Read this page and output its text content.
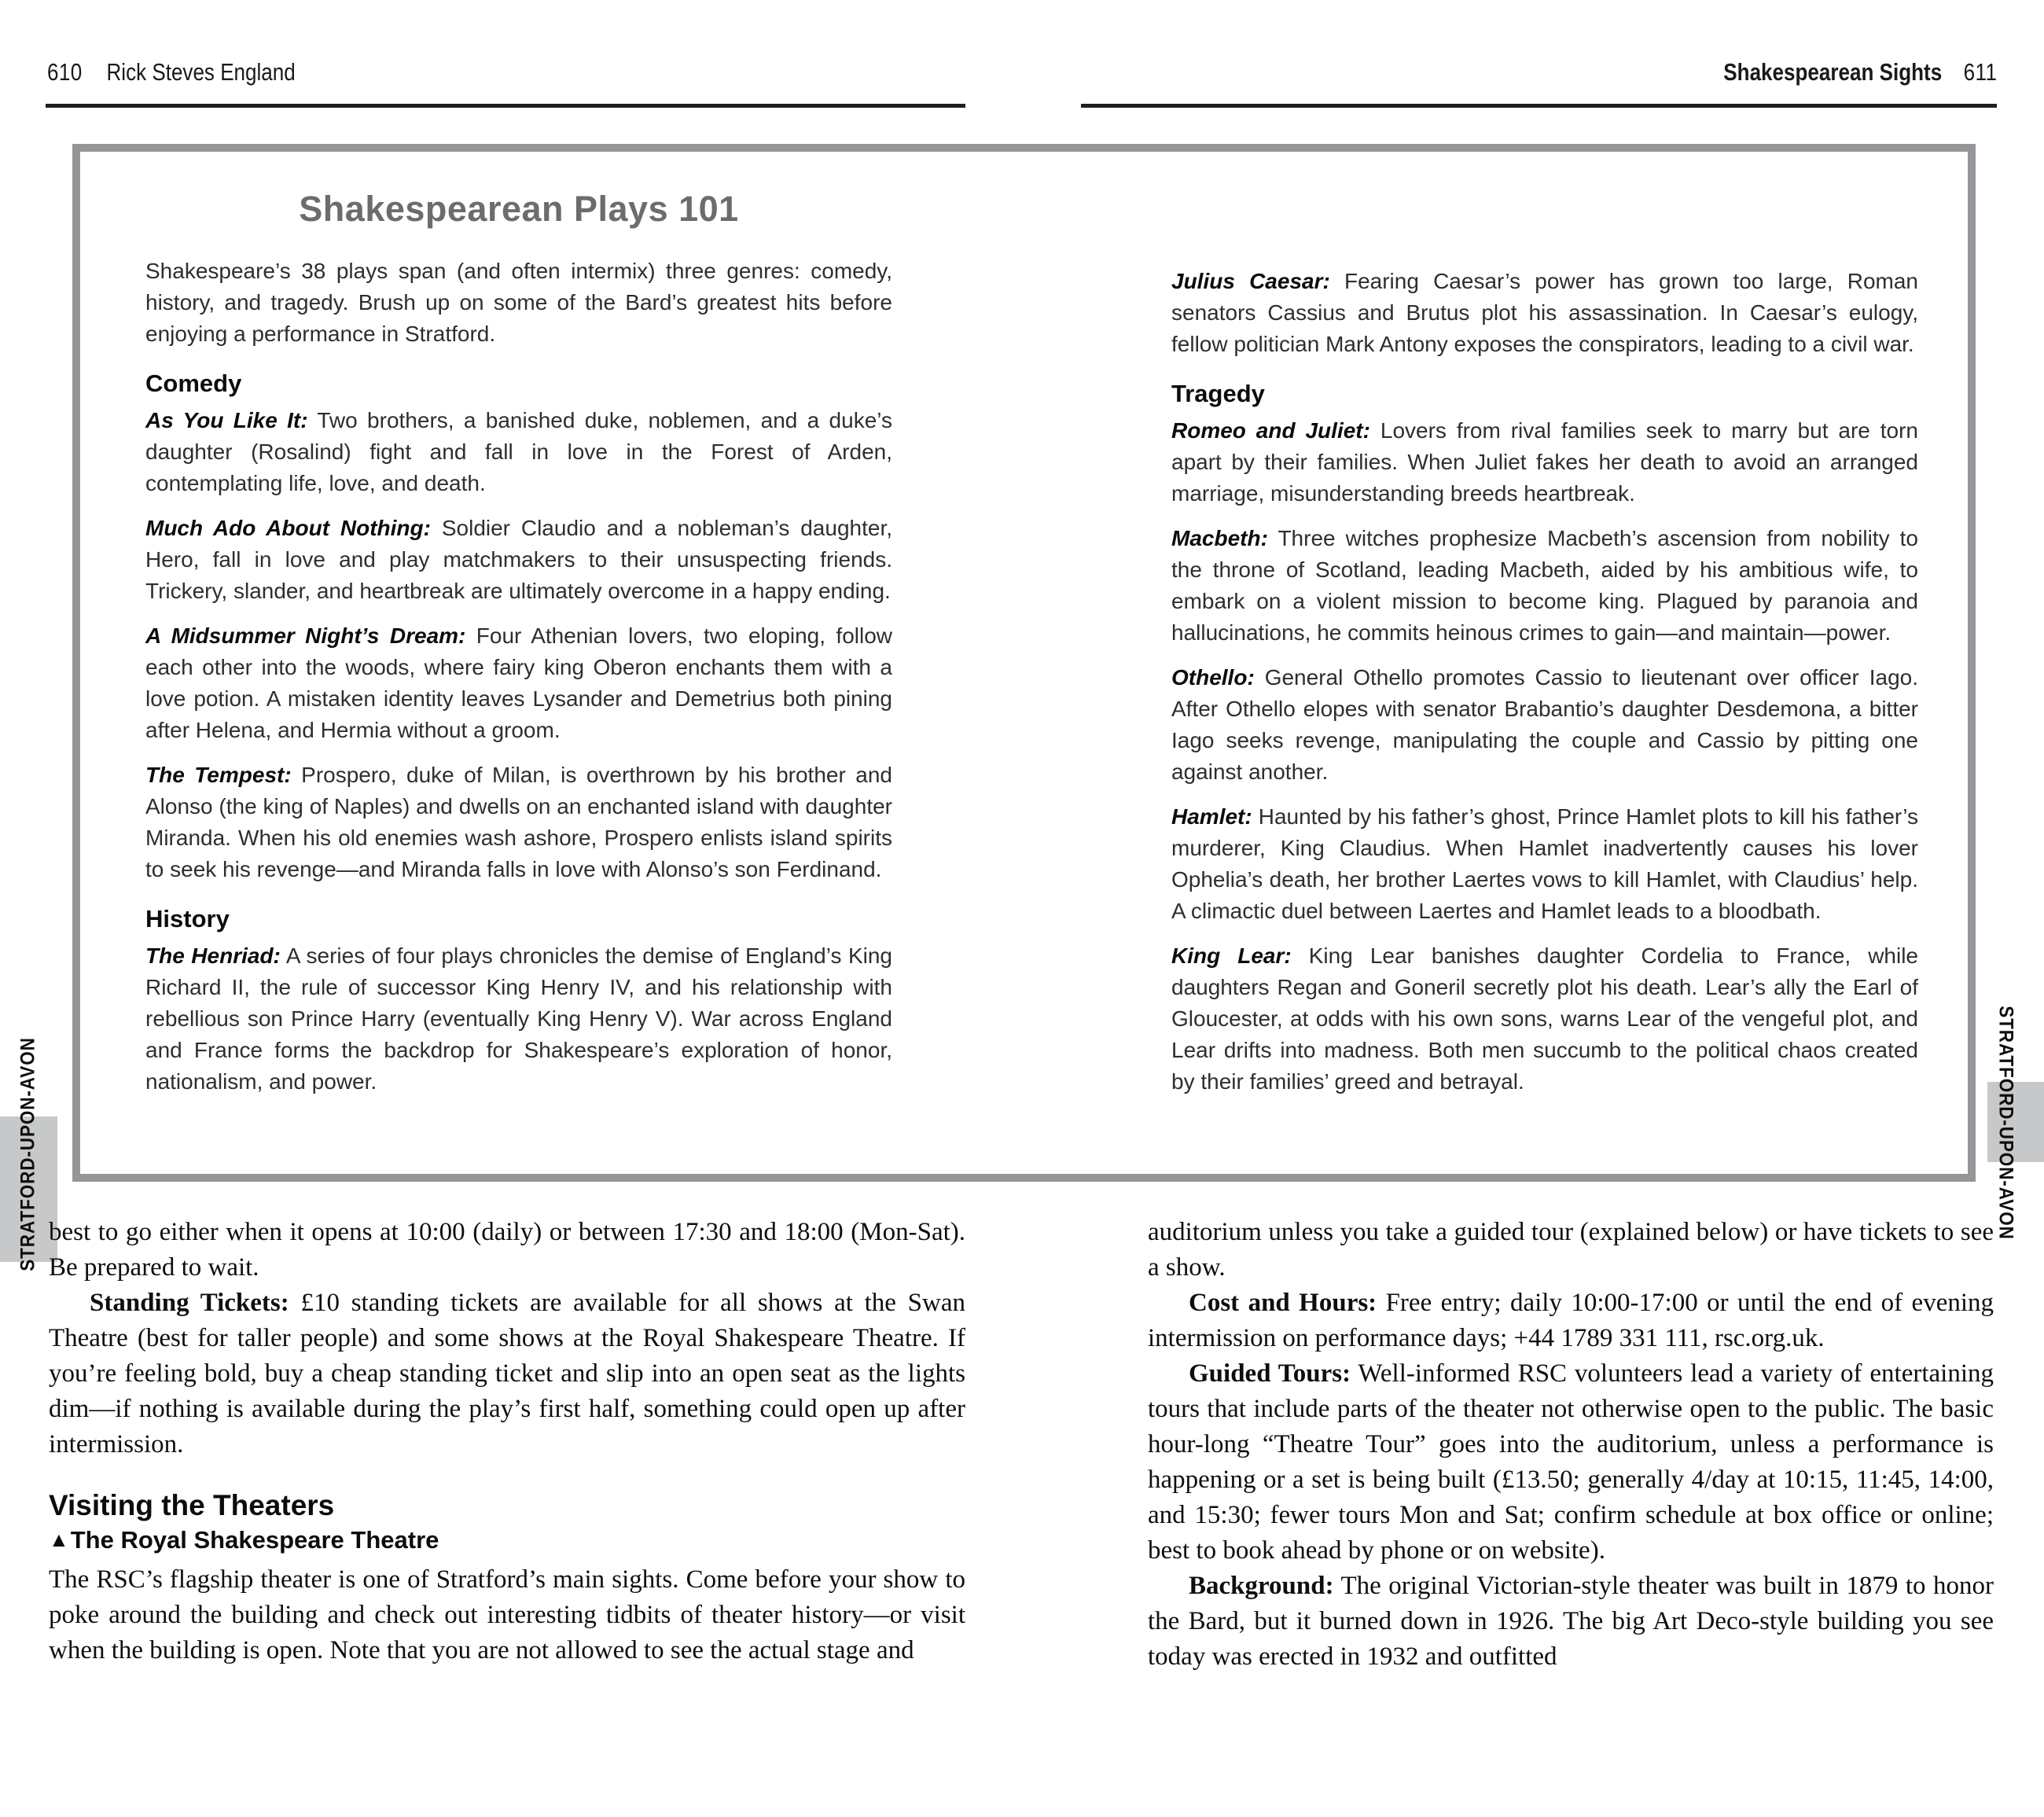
610 Rick Steves England	Shakespearean Sights 611
STRATFORD-UPON-AVON	STRATFORD-UPON-AVON
Shakespearean Plays 101

Shakespeare’s 38 plays span (and often intermix) three genres: comedy, history, and tragedy. Brush up on some of the Bard’s greatest hits before enjoying a performance in Stratford.

Comedy

As You Like It: Two brothers, a banished duke, noblemen, and a duke’s daughter (Rosalind) fight and fall in love in the Forest of Arden, contemplating life, love, and death.

Much Ado About Nothing: Soldier Claudio and a nobleman’s daughter, Hero, fall in love and play matchmakers to their unsuspecting friends. Trickery, slander, and heartbreak are ultimately overcome in a happy ending.

A Midsummer Night’s Dream: Four Athenian lovers, two eloping, follow each other into the woods, where fairy king Oberon enchants them with a love potion. A mistaken identity leaves Lysander and Demetrius both pining after Helena, and Hermia without a groom.

The Tempest: Prospero, duke of Milan, is overthrown by his brother and Alonso (the king of Naples) and dwells on an enchanted island with daughter Miranda. When his old enemies wash ashore, Prospero enlists island spirits to seek his revenge—and Miranda falls in love with Alonso’s son Ferdinand.

History

The Henriad: A series of four plays chronicles the demise of England’s King Richard II, the rule of successor King Henry IV, and his relationship with rebellious son Prince Harry (eventually King Henry V). War across England and France forms the backdrop for Shakespeare’s exploration of honor, nationalism, and power.

Julius Caesar: Fearing Caesar’s power has grown too large, Roman senators Cassius and Brutus plot his assassination. In Caesar’s eulogy, fellow politician Mark Antony exposes the conspirators, leading to a civil war.

Tragedy

Romeo and Juliet: Lovers from rival families seek to marry but are torn apart by their families. When Juliet fakes her death to avoid an arranged marriage, misunderstanding breeds heartbreak.

Macbeth: Three witches prophesize Macbeth’s ascension from nobility to the throne of Scotland, leading Macbeth, aided by his ambitious wife, to embark on a violent mission to become king. Plagued by paranoia and hallucinations, he commits heinous crimes to gain—and maintain—power.

Othello: General Othello promotes Cassio to lieutenant over officer Iago. After Othello elopes with senator Brabantio’s daughter Desdemona, a bitter Iago seeks revenge, manipulating the couple and Cassio by pitting one against another.

Hamlet: Haunted by his father’s ghost, Prince Hamlet plots to kill his father’s murderer, King Claudius. When Hamlet inadvertently causes his lover Ophelia’s death, her brother Laertes vows to kill Hamlet, with Claudius’ help. A climactic duel between Laertes and Hamlet leads to a bloodbath.

King Lear: King Lear banishes daughter Cordelia to France, while daughters Regan and Goneril secretly plot his death. Lear’s ally the Earl of Gloucester, at odds with his own sons, warns Lear of the vengeful plot, and Lear drifts into madness. Both men succumb to the political chaos created by their families’ greed and betrayal.

best to go either when it opens at 10:00 (daily) or between 17:30 and 18:00 (Mon-Sat). Be prepared to wait.

Standing Tickets: £10 standing tickets are available for all shows at the Swan Theatre (best for taller people) and some shows at the Royal Shakespeare Theatre. If you’re feeling bold, buy a cheap standing ticket and slip into an open seat as the lights dim—if nothing is available during the play’s first half, something could open up after intermission.

Visiting the Theaters
▲The Royal Shakespeare Theatre

The RSC’s flagship theater is one of Stratford’s main sights. Come before your show to poke around the building and check out interesting tidbits of theater history—or visit when the building is open. Note that you are not allowed to see the actual stage and

auditorium unless you take a guided tour (explained below) or have tickets to see a show.

Cost and Hours: Free entry; daily 10:00-17:00 or until the end of evening intermission on performance days; +44 1789 331 111, rsc.org.uk.

Guided Tours: Well-informed RSC volunteers lead a variety of entertaining tours that include parts of the theater not otherwise open to the public. The basic hour-long “Theatre Tour” goes into the auditorium, unless a performance is happening or a set is being built (£13.50; generally 4/day at 10:15, 11:45, 14:00, and 15:30; fewer tours Mon and Sat; confirm schedule at box office or online; best to book ahead by phone or on website).

Background: The original Victorian-style theater was built in 1879 to honor the Bard, but it burned down in 1926. The big Art Deco-style building you see today was erected in 1932 and outfitted
